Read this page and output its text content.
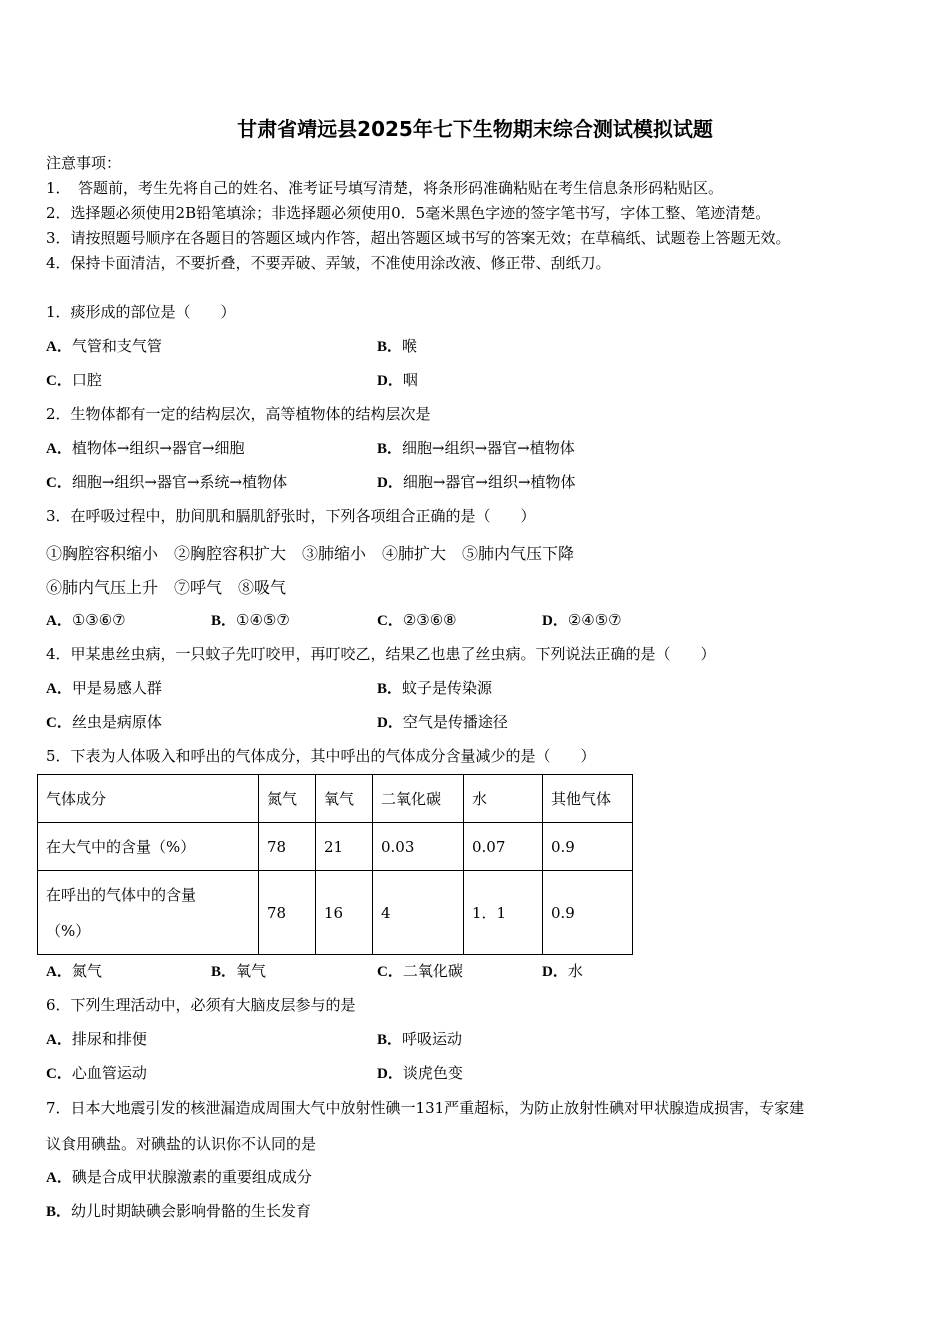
甘肃省靖远县2025年七下生物期末综合测试模拟试题
注意事项：
1．　答题前，考生先将自己的姓名、准考证号填写清楚，将条形码准确粘贴在考生信息条形码粘贴区。
2．选择题必须使用2B铅笔填涂；非选择题必须使用0．5毫米黑色字迹的签字笔书写，字体工整、笔迹清楚。
3．请按照题号顺序在各题目的答题区域内作答，超出答题区域书写的答案无效；在草稿纸、试题卷上答题无效。
4．保持卡面清洁，不要折叠，不要弄破、弄皱，不准使用涂改液、修正带、刮纸刀。
1．痰形成的部位是（　　）
A．气管和支气管	B．喉
C．口腔	D．咽
2．生物体都有一定的结构层次，高等植物体的结构层次是
A．植物体→组织→器官→细胞	B．细胞→组织→器官→植物体
C．细胞→组织→器官→系统→植物体	D．细胞→器官→组织→植物体
3．在呼吸过程中，肋间肌和膈肌舒张时，下列各项组合正确的是（　　）
①胸腔容积缩小　②胸腔容积扩大　③肺缩小　④肺扩大　⑤肺内气压下降
⑥肺内气压上升　⑦呼气　⑧吸气
A．①③⑥⑦	B．①④⑤⑦	C．②③⑥⑧	D．②④⑤⑦
4．甲某患丝虫病，一只蚊子先叮咬甲，再叮咬乙，结果乙也患了丝虫病。下列说法正确的是（　　）
A．甲是易感人群	B．蚊子是传染源
C．丝虫是病原体	D．空气是传播途径
5．下表为人体吸入和呼出的气体成分，其中呼出的气体成分含量减少的是（　　）
气体成分	氮气	氧气	二氧化碳	水	其他气体
在大气中的含量（%）	78	21	0.03	0.07	0.9

在呼出的气体中的含量
（%）	78	16	4	1．1	0.9
A．氮气	B．氧气	C．二氧化碳	D．水
6．下列生理活动中，必须有大脑皮层参与的是
A．排尿和排便	B．呼吸运动
C．心血管运动	D．谈虎色变
7．日本大地震引发的核泄漏造成周围大气中放射性碘一131严重超标，为防止放射性碘对甲状腺造成损害，专家建
议食用碘盐。对碘盐的认识你不认同的是
A．碘是合成甲状腺激素的重要组成成分
B．幼儿时期缺碘会影响骨骼的生长发育
